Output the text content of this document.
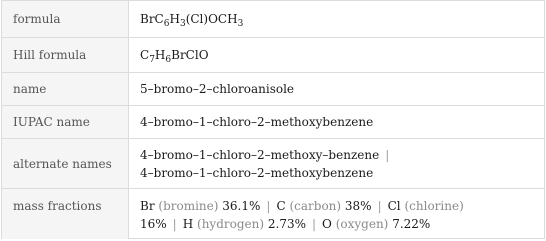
formula	$BrC_6H_3(Cl)OCH_3$
Hill formula	$C_7H_6BrClO$
name	5–bromo–2–chloroanisole
IUPAC name	4–bromo–1–chloro–2–methoxybenzene
alternate names
4–bromo–1–chloro–2–methoxy–benzene |
4–bromo–1–chloro–2–methoxybenzene
mass fractions	Br (bromine) 36.1% | C (carbon) 38% | Cl (chlorine)
16% | H (hydrogen) 2.73% | O (oxygen) 7.22%
